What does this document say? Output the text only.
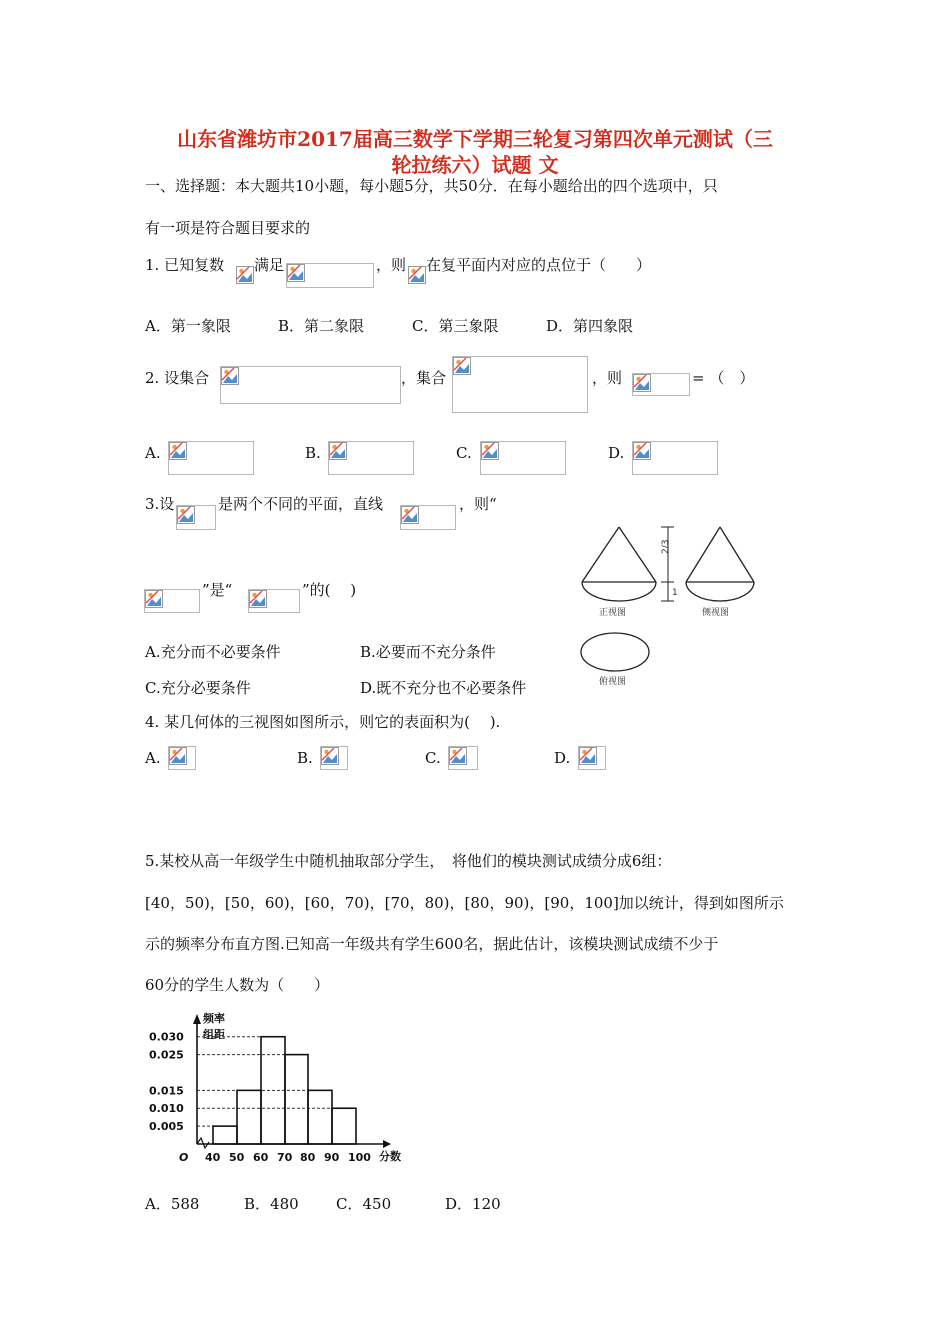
山东省潍坊市2017届高三数学下学期三轮复习第四次单元测试（三
轮拉练六）试题 文
一、选择题：本大题共10小题，每小题5分，共50分．在每小题给出的四个选项中，只
有一项是符合题目要求的
1. 已知复数 满足	，则 在复平面内对应的点位于（　　）
A．第一象限	B．第二象限	C．第三象限	D．第四象限
2. 设集合	，集合	，则	= （　）
A.	B.	C.	D.
3.设	是两个不同的平面，直线	，则“
”是“	”的(　 )
A.充分而不必要条件	B.必要而不充分条件
C.充分必要条件	D.既不充分也不必要条件
2/3
1
正视图	侧视图
俯视图
4. 某几何体的三视图如图所示，则它的表面积为(　 ).
A.	B.	C.	D.
5.某校从高一年级学生中随机抽取部分学生，　将他们的模块测试成绩分成6组：
[40，50)，[50，60)，[60，70)，[70，80)，[80，90)，[90，100]加以统计，得到如图所示
示的频率分布直方图.已知高一年级共有学生600名，据此估计，该模块测试成绩不少于
60分的学生人数为（　　）
0.005
0.010
0.015
0.025
0.030
40 50 60 70 80 90 100
频率
组距
分数
O
A．588	B．480 C．450	D．120
